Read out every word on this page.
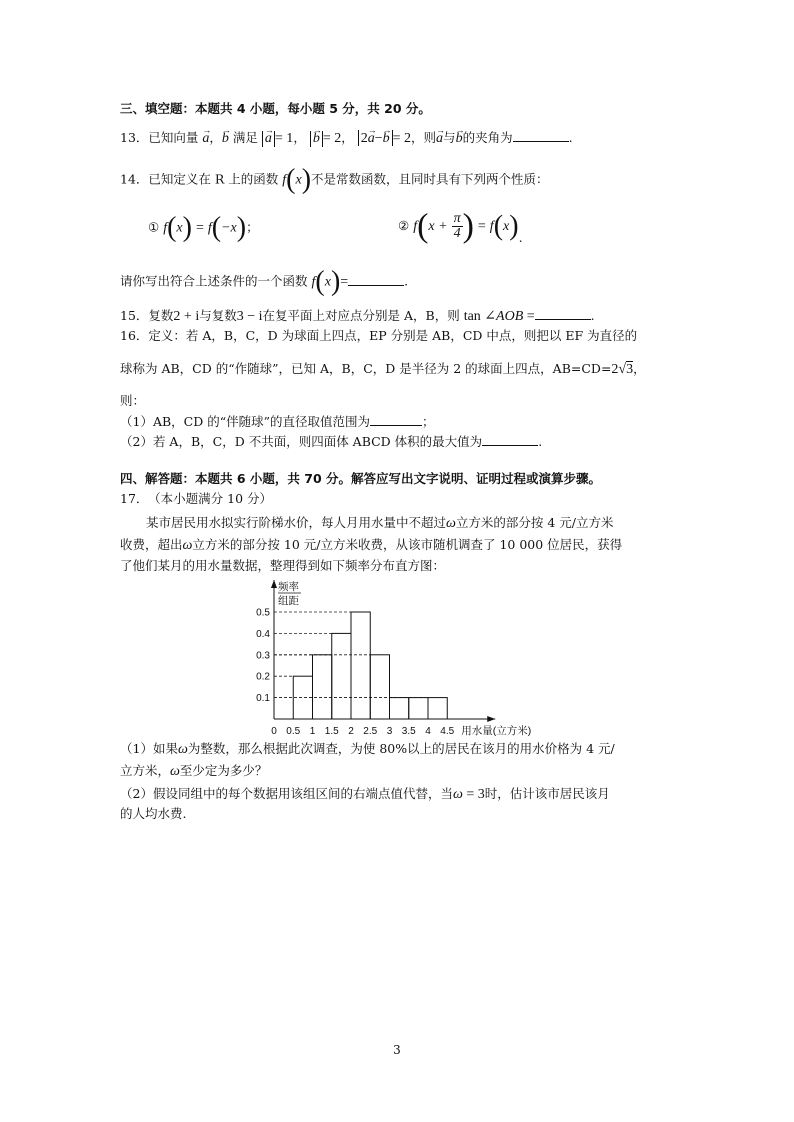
三、填空题：本题共 4 小题，每小题 5 分，共 20 分。
13．已知向量 → a，→ b 满足 → a = 1， → b = 2， 2→ a−→ b = 2，则→ a与→ b的夹角为	.
14．已知定义在 R 上的函数 f(x)不是常数函数，且同时具有下列两个性质：
① f(x) = f(−x)；	② $f(x + \frac{\pi}{4}$ ) = f(x).
请你写出符合上述条件的一个函数 f(x)=	.
15．复数2 + i与复数3 − i在复平面上对应点分别是 A，B，则 tan ∠AOB =	.
16．定义：若 A，B，C，D 为球面上四点，EP 分别是 AB，CD 中点，则把以 EF 为直径的
球称为 AB，CD 的“作随球”，已知 A，B，C，D 是半径为 2 的球面上四点，AB=CD=2√3，
则：
（1）AB，CD 的“伴随球”的直径取值范围为	；
（2）若 A，B，C，D 不共面，则四面体 ABCD 体积的最大值为	.
四、解答题：本题共 6 小题，共 70 分。解答应写出文字说明、证明过程或演算步骤。
17． （本小题满分 10 分）
某市居民用水拟实行阶梯水价，每人月用水量中不超过ω立方米的部分按 4 元/立方米
收费，超出ω立方米的部分按 10 元/立方米收费，从该市随机调查了 10 000 位居民，获得
了他们某月的用水量数据，整理得到如下频率分布直方图：
0.1
0.2
0.3
0.4
0.5
0 0.5 1 1.5 2 2.5 3 3.5 4 4.5
频率
组距
用水量(立方米)
（1）如果ω为整数，那么根据此次调查，为使 80%以上的居民在该月的用水价格为 4 元/
立方米，ω至少定为多少？
（2）假设同组中的每个数据用该组区间的右端点值代替，当ω = 3时，估计该市居民该月
的人均水费.
3
